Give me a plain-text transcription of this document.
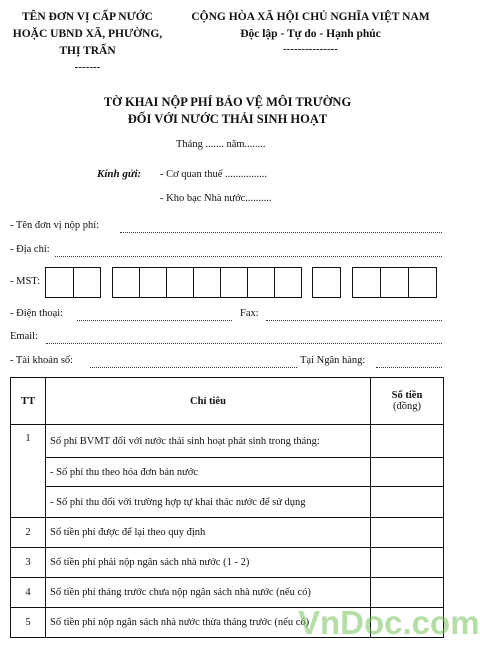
TÊN ĐƠN VỊ CẤP NƯỚC
HOẶC UBND XÃ, PHƯỜNG,
THỊ TRẤN
-------
CỘNG HÒA XÃ HỘI CHỦ NGHĨA VIỆT NAM
Độc lập - Tự do - Hạnh phúc
---------------
TỜ KHAI NỘP PHÍ BẢO VỆ MÔI TRƯỜNG
ĐỐI VỚI NƯỚC THẢI SINH HOẠT
Tháng ....... năm........
Kính gửi: - Cơ quan thuế ................
- Kho bạc Nhà nước..........
- Tên đơn vị nộp phí:
- Địa chỉ:
- MST:
- Điện thoại:	Fax:
Email:
- Tài khoản số:	Tại Ngân hàng:
TT	Chỉ tiêu	Số tiền
(đồng)

1	Số phí BVMT đối với nước thải sinh hoạt phát sinh trong tháng:	
	- Số phí thu theo hóa đơn bán nước	
	- Số phí thu đối với trường hợp tự khai thác nước để sử dụng	
2	Số tiền phí được để lại theo quy định	
3	Số tiền phí phải nộp ngân sách nhà nước (1 - 2)	
4	Số tiền phí tháng trước chưa nộp ngân sách nhà nước (nếu có)	
5	Số tiền phí nộp ngân sách nhà nước thừa tháng trước (nếu có)	
VnDoc.com
